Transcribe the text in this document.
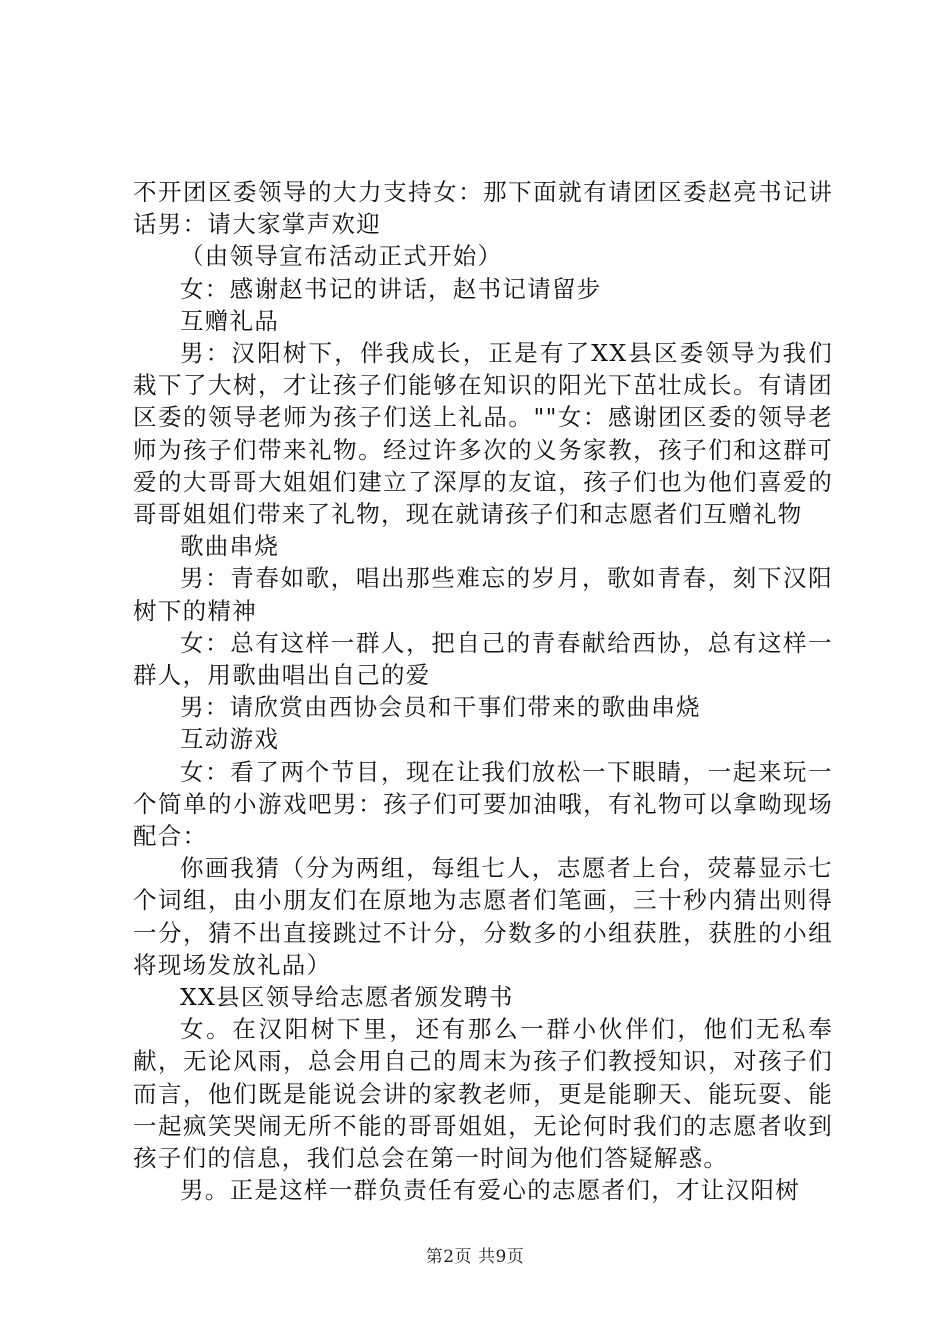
不开团区委领导的大力支持女：那下面就有请团区委赵亮书记讲话男：请大家掌声欢迎

（由领导宣布活动正式开始）

女：感谢赵书记的讲话，赵书记请留步

互赠礼品

男：汉阳树下，伴我成长，正是有了XX县区委领导为我们栽下了大树，才让孩子们能够在知识的阳光下茁壮成长。有请团区委的领导老师为孩子们送上礼品。""女：感谢团区委的领导老师为孩子们带来礼物。经过许多次的义务家教，孩子们和这群可爱的大哥哥大姐姐们建立了深厚的友谊，孩子们也为他们喜爱的哥哥姐姐们带来了礼物，现在就请孩子们和志愿者们互赠礼物

歌曲串烧

男：青春如歌，唱出那些难忘的岁月，歌如青春，刻下汉阳树下的精神

女：总有这样一群人，把自己的青春献给西协，总有这样一群人，用歌曲唱出自己的爱

男：请欣赏由西协会员和干事们带来的歌曲串烧

互动游戏

女：看了两个节目，现在让我们放松一下眼睛，一起来玩一个简单的小游戏吧男：孩子们可要加油哦，有礼物可以拿呦现场配合：

你画我猜（分为两组，每组七人，志愿者上台，荧幕显示七个词组，由小朋友们在原地为志愿者们笔画，三十秒内猜出则得一分，猜不出直接跳过不计分，分数多的小组获胜，获胜的小组将现场发放礼品）

XX县区领导给志愿者颁发聘书

女。在汉阳树下里，还有那么一群小伙伴们，他们无私奉献，无论风雨，总会用自己的周末为孩子们教授知识，对孩子们而言，他们既是能说会讲的家教老师，更是能聊天、能玩耍、能一起疯笑哭闹无所不能的哥哥姐姐，无论何时我们的志愿者收到孩子们的信息，我们总会在第一时间为他们答疑解惑。

男。正是这样一群负责任有爱心的志愿者们，才让汉阳树

第2页 共9页
